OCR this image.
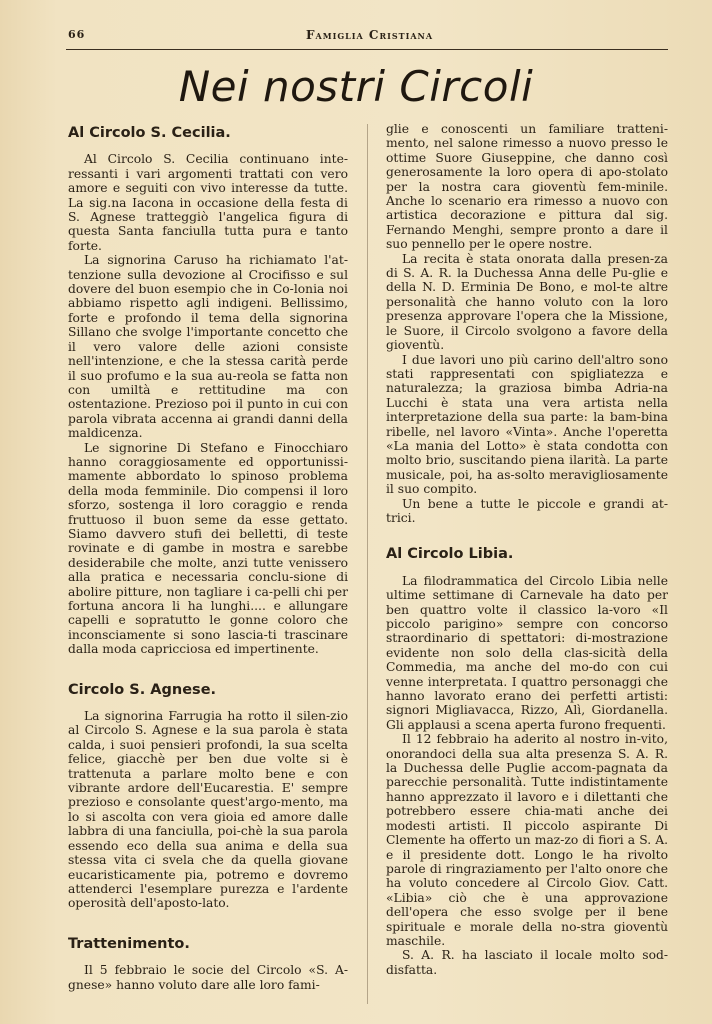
66	Famiglia Cristiana
Nei nostri Circoli
Al Circolo S. Cecilia.

Al Circolo S. Cecilia continuano inte-ressanti i vari argomenti trattati con vero amore e seguiti con vivo interesse da tutte. La sig.na Iacona in occasione della festa di S. Agnese tratteggiò l'angelica figura di questa Santa fanciulla tutta pura e tanto forte.

La signorina Caruso ha richiamato l'at-tenzione sulla devozione al Crocifisso e sul dovere del buon esempio che in Co-lonia noi abbiamo rispetto agli indigeni. Bellissimo, forte e profondo il tema della signorina Sillano che svolge l'importante concetto che il vero valore delle azioni consiste nell'intenzione, e che la stessa carità perde il suo profumo e la sua au-reola se fatta non con umiltà e rettitudine ma con ostentazione. Prezioso poi il punto in cui con parola vibrata accenna ai grandi danni della maldicenza.

Le signorine Di Stefano e Finocchiaro hanno coraggiosamente ed opportunissi-mamente abbordato lo spinoso problema della moda femminile. Dio compensi il loro sforzo, sostenga il loro coraggio e renda fruttuoso il buon seme da esse gettato. Siamo davvero stufi dei belletti, di teste rovinate e di gambe in mostra e sarebbe desiderabile che molte, anzi tutte venissero alla pratica e necessaria conclu-sione di abolire pitture, non tagliare i ca-pelli chi per fortuna ancora li ha lunghi.... e allungare capelli e sopratutto le gonne coloro che inconsciamente si sono lascia-ti trascinare dalla moda capricciosa ed impertinente.

Circolo S. Agnese.

La signorina Farrugia ha rotto il silen-zio al Circolo S. Agnese e la sua parola è stata calda, i suoi pensieri profondi, la sua scelta felice, giacchè per ben due volte si è trattenuta a parlare molto bene e con vibrante ardore dell'Eucarestia. E' sempre prezioso e consolante quest'argo-mento, ma lo si ascolta con vera gioia ed amore dalle labbra di una fanciulla, poi-chè la sua parola essendo eco della sua anima e della sua stessa vita ci svela che da quella giovane eucaristicamente pia, potremo e dovremo attenderci l'esemplare purezza e l'ardente operosità dell'aposto-lato.

Trattenimento.

Il 5 febbraio le socie del Circolo «S. A-gnese» hanno voluto dare alle loro fami-

glie e conoscenti un familiare tratteni-mento, nel salone rimesso a nuovo presso le ottime Suore Giuseppine, che danno così generosamente la loro opera di apo-stolato per la nostra cara gioventù fem-minile. Anche lo scenario era rimesso a nuovo con artistica decorazione e pittura dal sig. Fernando Menghi, sempre pronto a dare il suo pennello per le opere nostre.

La recita è stata onorata dalla presen-za di S. A. R. la Duchessa Anna delle Pu-glie e della N. D. Erminia De Bono, e mol-te altre personalità che hanno voluto con la loro presenza approvare l'opera che la Missione, le Suore, il Circolo svolgono a favore della gioventù.

I due lavori uno più carino dell'altro sono stati rappresentati con spigliatezza e naturalezza; la graziosa bimba Adria-na Lucchi è stata una vera artista nella interpretazione della sua parte: la bam-bina ribelle, nel lavoro «Vinta». Anche l'operetta «La mania del Lotto» è stata condotta con molto brio, suscitando piena ilarità. La parte musicale, poi, ha as-solto meravigliosamente il suo compito.

Un bene a tutte le piccole e grandi at-trici.

Al Circolo Libia.

La filodrammatica del Circolo Libia nelle ultime settimane di Carnevale ha dato per ben quattro volte il classico la-voro «Il piccolo parigino» sempre con concorso straordinario di spettatori: di-mostrazione evidente non solo della clas-sicità della Commedia, ma anche del mo-do con cui venne interpretata. I quattro personaggi che hanno lavorato erano dei perfetti artisti: signori Migliavacca, Rizzo, Alì, Giordanella. Gli applausi a scena aperta furono frequenti.

Il 12 febbraio ha aderito al nostro in-vito, onorandoci della sua alta presenza S. A. R. la Duchessa delle Puglie accom-pagnata da parecchie personalità. Tutte indistintamente hanno apprezzato il lavoro e i dilettanti che potrebbero essere chia-mati anche dei modesti artisti. Il piccolo aspirante Di Clemente ha offerto un maz-zo di fiori a S. A. e il presidente dott. Longo le ha rivolto parole di ringraziamento per l'alto onore che ha voluto concedere al Circolo Giov. Catt. «Libia» ciò che è una approvazione dell'opera che esso svolge per il bene spirituale e morale della no-stra gioventù maschile.

S. A. R. ha lasciato il locale molto sod-disfatta.
